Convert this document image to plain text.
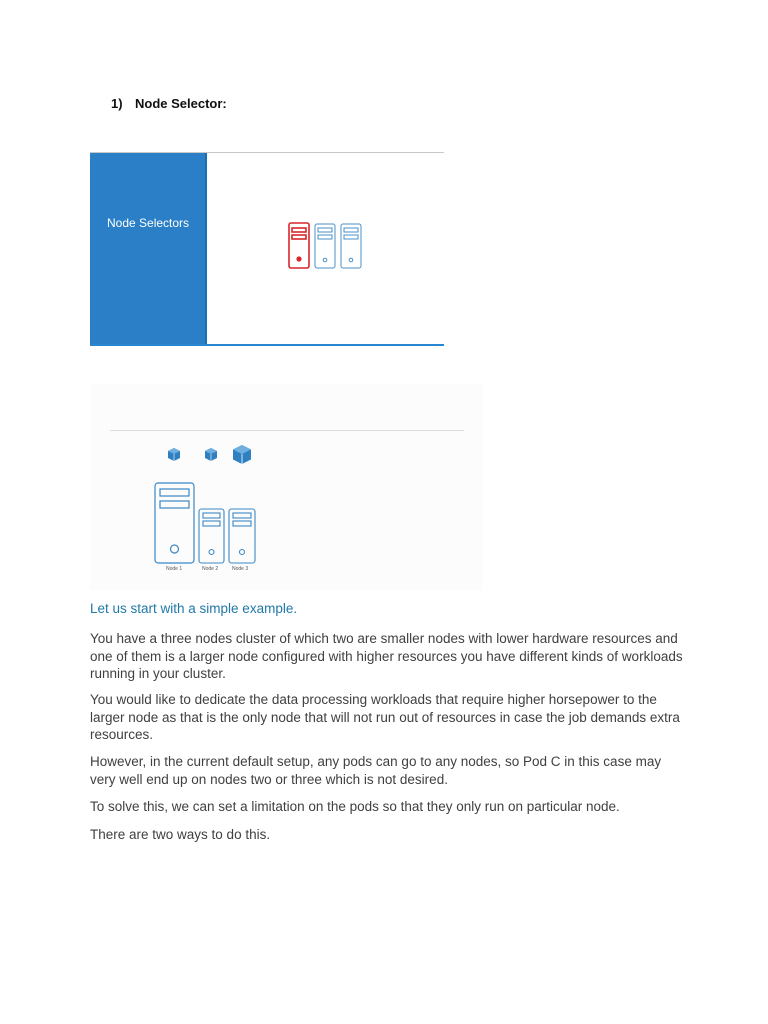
1) Node Selector:
Node Selectors
Node 1	Node 2	Node 3
Let us start with a simple example.

You have a three nodes cluster of which two are smaller nodes with lower hardware resources and one of them is a larger node configured with higher resources you have different kinds of workloads running in your cluster.

You would like to dedicate the data processing workloads that require higher horsepower to the larger node as that is the only node that will not run out of resources in case the job demands extra resources.

However, in the current default setup, any pods can go to any nodes, so Pod C in this case may very well end up on nodes two or three which is not desired.

To solve this, we can set a limitation on the pods so that they only run on particular node.

There are two ways to do this.
